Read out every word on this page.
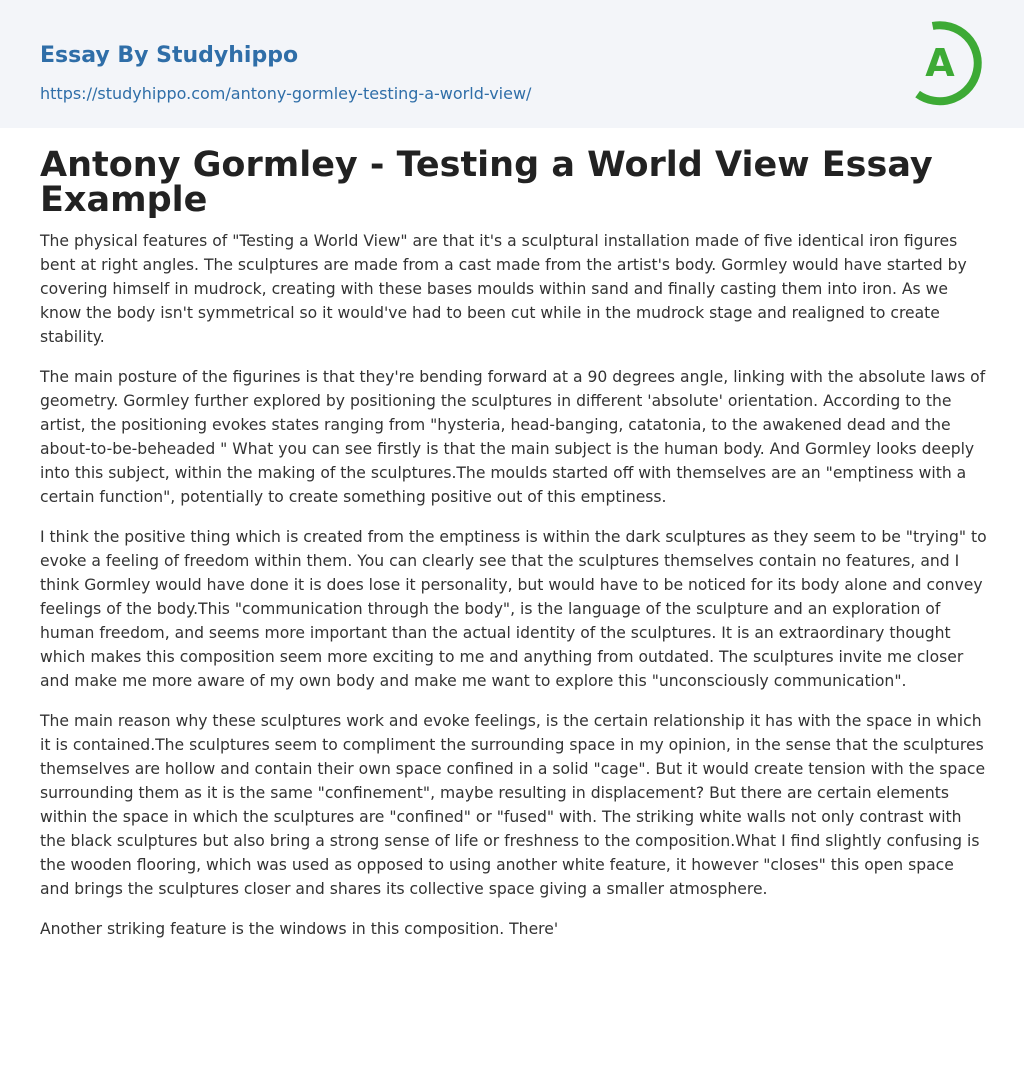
Essay By Studyhippo
https://studyhippo.com/antony-gormley-testing-a-world-view/
A
Antony Gormley - Testing a World View Essay Example

The physical features of "Testing a World View" are that it's a sculptural installation made of five identical iron figures bent at right angles. The sculptures are made from a cast made from the artist's body. Gormley would have started by covering himself in mudrock, creating with these bases moulds within sand and finally casting them into iron. As we know the body isn't symmetrical so it would've had to been cut while in the mudrock stage and realigned to create stability.

The main posture of the figurines is that they're bending forward at a 90 degrees angle, linking with the absolute laws of geometry. Gormley further explored by positioning the sculptures in different 'absolute' orientation. According to the artist, the positioning evokes states ranging from "hysteria, head-banging, catatonia, to the awakened dead and the about-to-be-beheaded " What you can see firstly is that the main subject is the human body. And Gormley looks deeply into this subject, within the making of the sculptures.The moulds started off with themselves are an "emptiness with a certain function", potentially to create something positive out of this emptiness.

I think the positive thing which is created from the emptiness is within the dark sculptures as they seem to be "trying" to evoke a feeling of freedom within them. You can clearly see that the sculptures themselves contain no features, and I think Gormley would have done it is does lose it personality, but would have to be noticed for its body alone and convey feelings of the body.This "communication through the body", is the language of the sculpture and an exploration of human freedom, and seems more important than the actual identity of the sculptures. It is an extraordinary thought which makes this composition seem more exciting to me and anything from outdated. The sculptures invite me closer and make me more aware of my own body and make me want to explore this "unconsciously communication".

The main reason why these sculptures work and evoke feelings, is the certain relationship it has with the space in which it is contained.The sculptures seem to compliment the surrounding space in my opinion, in the sense that the sculptures themselves are hollow and contain their own space confined in a solid "cage". But it would create tension with the space surrounding them as it is the same "confinement", maybe resulting in displacement? But there are certain elements within the space in which the sculptures are "confined" or "fused" with. The striking white walls not only contrast with the black sculptures but also bring a strong sense of life or freshness to the composition.What I find slightly confusing is the wooden flooring, which was used as opposed to using another white feature, it however "closes" this open space and brings the sculptures closer and shares its collective space giving a smaller atmosphere.

Another striking feature is the windows in this composition. There'
